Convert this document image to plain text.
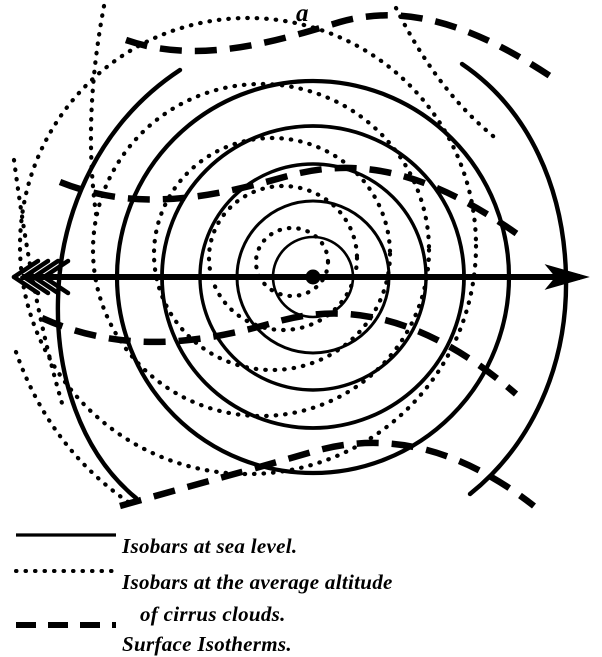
a
Isobars at sea level.
Isobars at the average altitude
of cirrus clouds.
Surface Isotherms.
